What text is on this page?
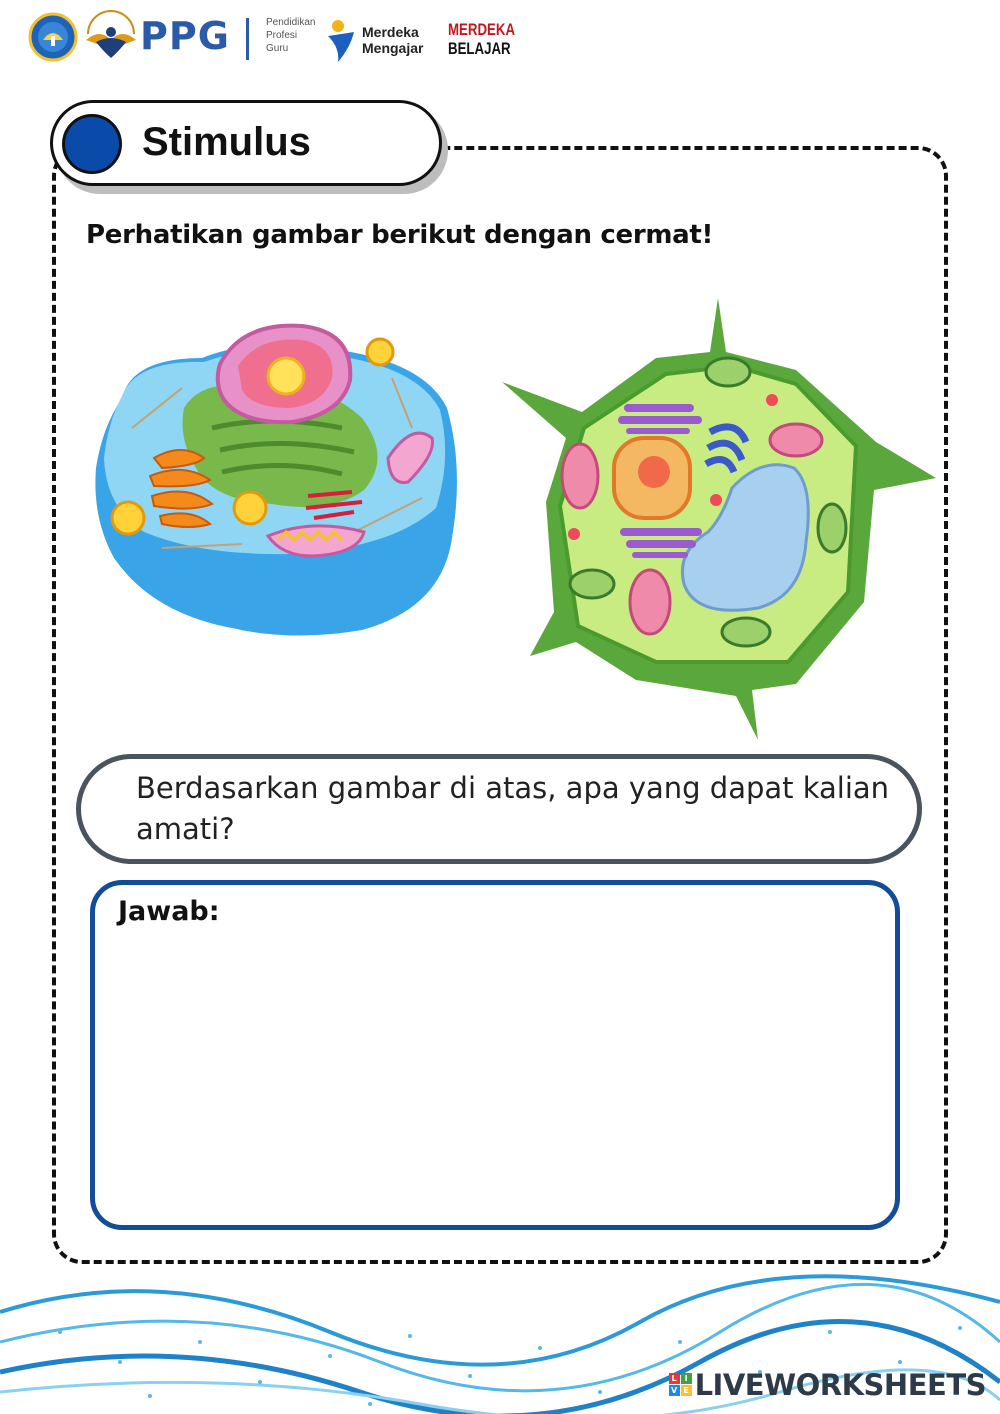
PPG	Pendidikan
Profesi
Guru
Merdeka
Mengajar
MERDEKA
BELAJAR
Stimulus
Perhatikan gambar berikut dengan cermat!
Berdasarkan gambar di atas, apa yang dapat kalian amati?
Jawab:
L I
V E LIVEWORKSHEETS
